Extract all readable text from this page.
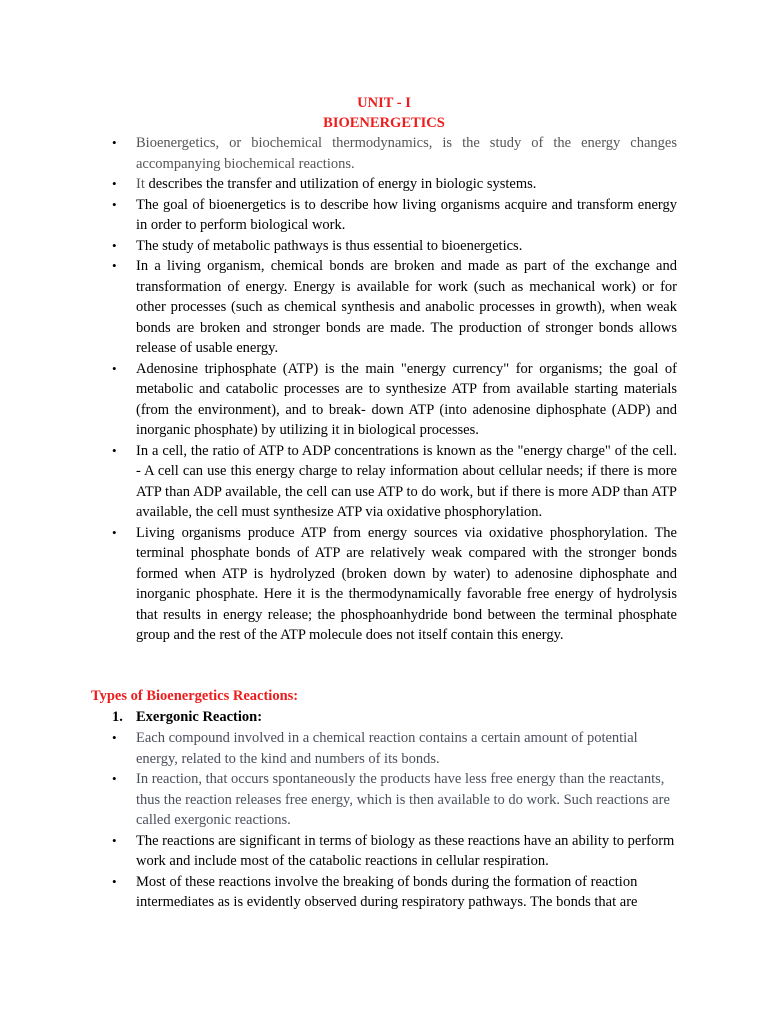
UNIT - I
BIOENERGETICS
• Bioenergetics, or biochemical thermodynamics, is the study of the energy changes accompanying biochemical reactions.
• It describes the transfer and utilization of energy in biologic systems.
• The goal of bioenergetics is to describe how living organisms acquire and transform energy in order to perform biological work.
• The study of metabolic pathways is thus essential to bioenergetics.
• In a living organism, chemical bonds are broken and made as part of the exchange and transformation of energy. Energy is available for work (such as mechanical work) or for other processes (such as chemical synthesis and anabolic processes in growth), when weak bonds are broken and stronger bonds are made. The production of stronger bonds allows release of usable energy.
• Adenosine triphosphate (ATP) is the main "energy currency" for organisms; the goal of metabolic and catabolic processes are to synthesize ATP from available starting materials (from the environment), and to break- down ATP (into adenosine diphosphate (ADP) and inorganic phosphate) by utilizing it in biological processes.
• In a cell, the ratio of ATP to ADP concentrations is known as the "energy charge" of the cell. - A cell can use this energy charge to relay information about cellular needs; if there is more ATP than ADP available, the cell can use ATP to do work, but if there is more ADP than ATP available, the cell must synthesize ATP via oxidative phosphorylation.
• Living organisms produce ATP from energy sources via oxidative phosphorylation. The terminal phosphate bonds of ATP are relatively weak compared with the stronger bonds formed when ATP is hydrolyzed (broken down by water) to adenosine diphosphate and inorganic phosphate. Here it is the thermodynamically favorable free energy of hydrolysis that results in energy release; the phosphoanhydride bond between the terminal phosphate group and the rest of the ATP molecule does not itself contain this energy.
Types of Bioenergetics Reactions:
1. Exergonic Reaction:
• Each compound involved in a chemical reaction contains a certain amount of potential energy, related to the kind and numbers of its bonds.
• In reaction, that occurs spontaneously the products have less free energy than the reactants, thus the reaction releases free energy, which is then available to do work. Such reactions are called exergonic reactions.
• The reactions are significant in terms of biology as these reactions have an ability to perform work and include most of the catabolic reactions in cellular respiration.
• Most of these reactions involve the breaking of bonds during the formation of reaction intermediates as is evidently observed during respiratory pathways. The bonds that are
